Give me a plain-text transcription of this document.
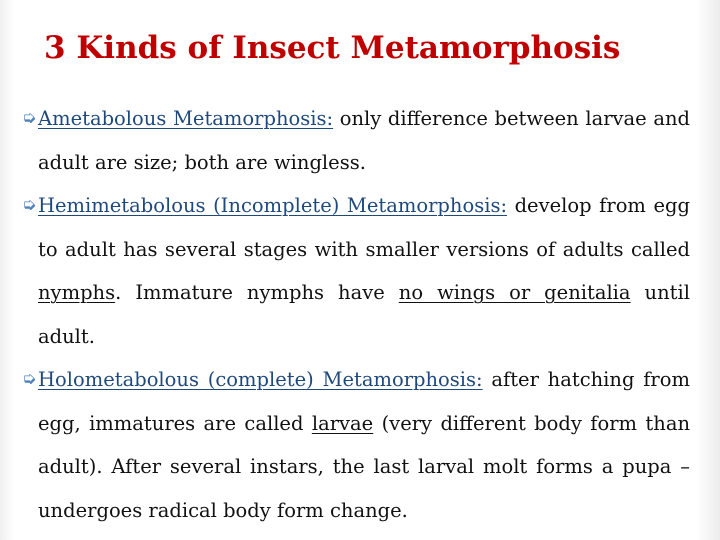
3 Kinds of Insect Metamorphosis
➭ Ametabolous Metamorphosis: only difference between larvae and adult are size; both are wingless.
➭ Hemimetabolous (Incomplete) Metamorphosis: develop from egg to adult has several stages with smaller versions of adults called nymphs. Immature nymphs have no wings or genitalia until adult.
➭ Holometabolous (complete) Metamorphosis: after hatching from egg, immatures are called larvae (very different body form than adult). After several instars, the last larval molt forms a pupa – undergoes radical body form change.
